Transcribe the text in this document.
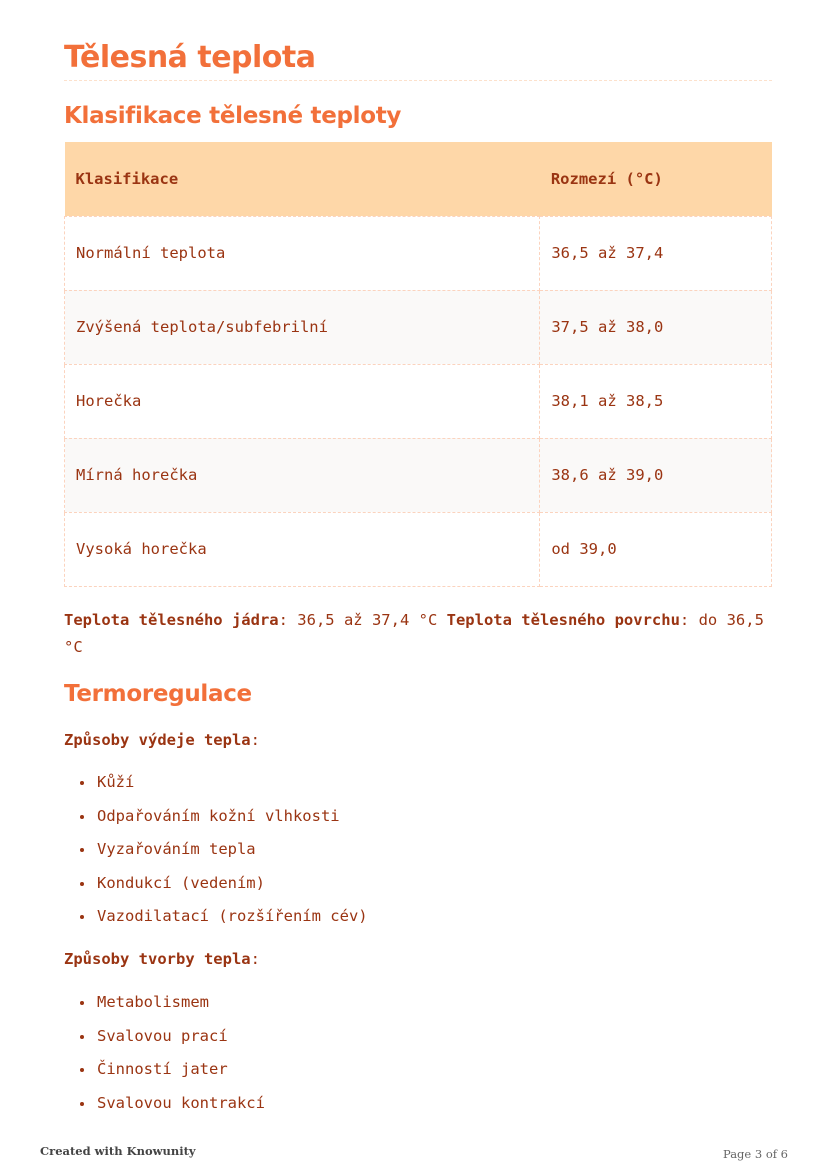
Tělesná teplota
Klasifikace tělesné teploty
Klasifikace	Rozmezí (°C)
Normální teplota	36,5 až 37,4
Zvýšená teplota/subfebrilní	37,5 až 38,0
Horečka	38,1 až 38,5
Mírná horečka	38,6 až 39,0
Vysoká horečka	od 39,0

Teplota tělesného jádra: 36,5 až 37,4 °C Teplota tělesného povrchu: do 36,5 °C

Termoregulace

Způsoby výdeje tepla:

Kůží
Odpařováním kožní vlhkosti
Vyzařováním tepla
Kondukcí (vedením)
Vazodilatací (rozšířením cév)

Způsoby tvorby tepla:

Metabolismem
Svalovou prací
Činností jater
Svalovou kontrakcí
Created with Knowunity	Page 3 of 6
